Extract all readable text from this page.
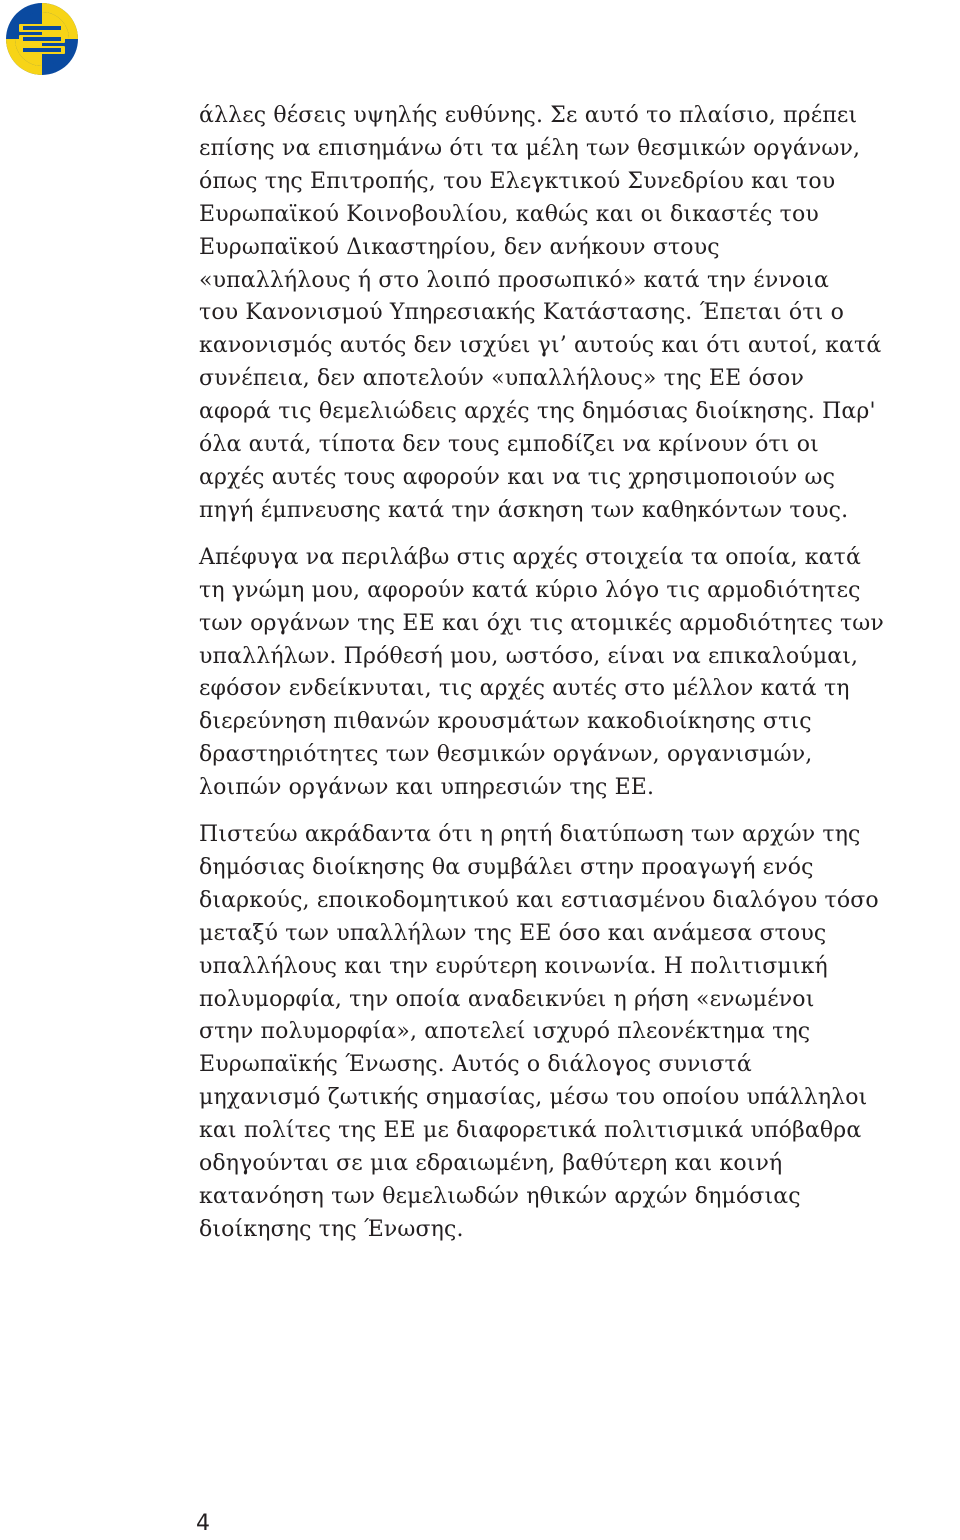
άλλες θέσεις υψηλής ευθύνης. Σε αυτό το πλαίσιο, πρέπει
επίσης να επισημάνω ότι τα μέλη των θεσμικών οργάνων,
όπως της Επιτροπής, του Ελεγκτικού Συνεδρίου και του
Ευρωπαϊκού Κοινοβουλίου, καθώς και οι δικαστές του
Ευρωπαϊκού Δικαστηρίου, δεν ανήκουν στους
«υπαλλήλους ή στο λοιπό προσωπικό» κατά την έννοια
του Κανονισμού Υπηρεσιακής Κατάστασης. Έπεται ότι ο
κανονισμός αυτός δεν ισχύει γι’ αυτούς και ότι αυτοί, κατά
συνέπεια, δεν αποτελούν «υπαλλήλους» της ΕΕ όσον
αφορά τις θεμελιώδεις αρχές της δημόσιας διοίκησης. Παρ'
όλα αυτά, τίποτα δεν τους εμποδίζει να κρίνουν ότι οι
αρχές αυτές τους αφορούν και να τις χρησιμοποιούν ως
πηγή έμπνευσης κατά την άσκηση των καθηκόντων τους.

Απέφυγα να περιλάβω στις αρχές στοιχεία τα οποία, κατά
τη γνώμη μου, αφορούν κατά κύριο λόγο τις αρμοδιότητες
των οργάνων της ΕΕ και όχι τις ατομικές αρμοδιότητες των
υπαλλήλων. Πρόθεσή μου, ωστόσο, είναι να επικαλούμαι,
εφόσον ενδείκνυται, τις αρχές αυτές στο μέλλον κατά τη
διερεύνηση πιθανών κρουσμάτων κακοδιοίκησης στις
δραστηριότητες των θεσμικών οργάνων, οργανισμών,
λοιπών οργάνων και υπηρεσιών της ΕΕ.

Πιστεύω ακράδαντα ότι η ρητή διατύπωση των αρχών της
δημόσιας διοίκησης θα συμβάλει στην προαγωγή ενός
διαρκούς, εποικοδομητικού και εστιασμένου διαλόγου τόσο
μεταξύ των υπαλλήλων της ΕΕ όσο και ανάμεσα στους
υπαλλήλους και την ευρύτερη κοινωνία. Η πολιτισμική
πολυμορφία, την οποία αναδεικνύει η ρήση «ενωμένοι
στην πολυμορφία», αποτελεί ισχυρό πλεονέκτημα της
Ευρωπαϊκής Ένωσης. Αυτός ο διάλογος συνιστά
μηχανισμό ζωτικής σημασίας, μέσω του οποίου υπάλληλοι
και πολίτες της ΕΕ με διαφορετικά πολιτισμικά υπόβαθρα
οδηγούνται σε μια εδραιωμένη, βαθύτερη και κοινή
κατανόηση των θεμελιωδών ηθικών αρχών δημόσιας
διοίκησης της Ένωσης.

4
